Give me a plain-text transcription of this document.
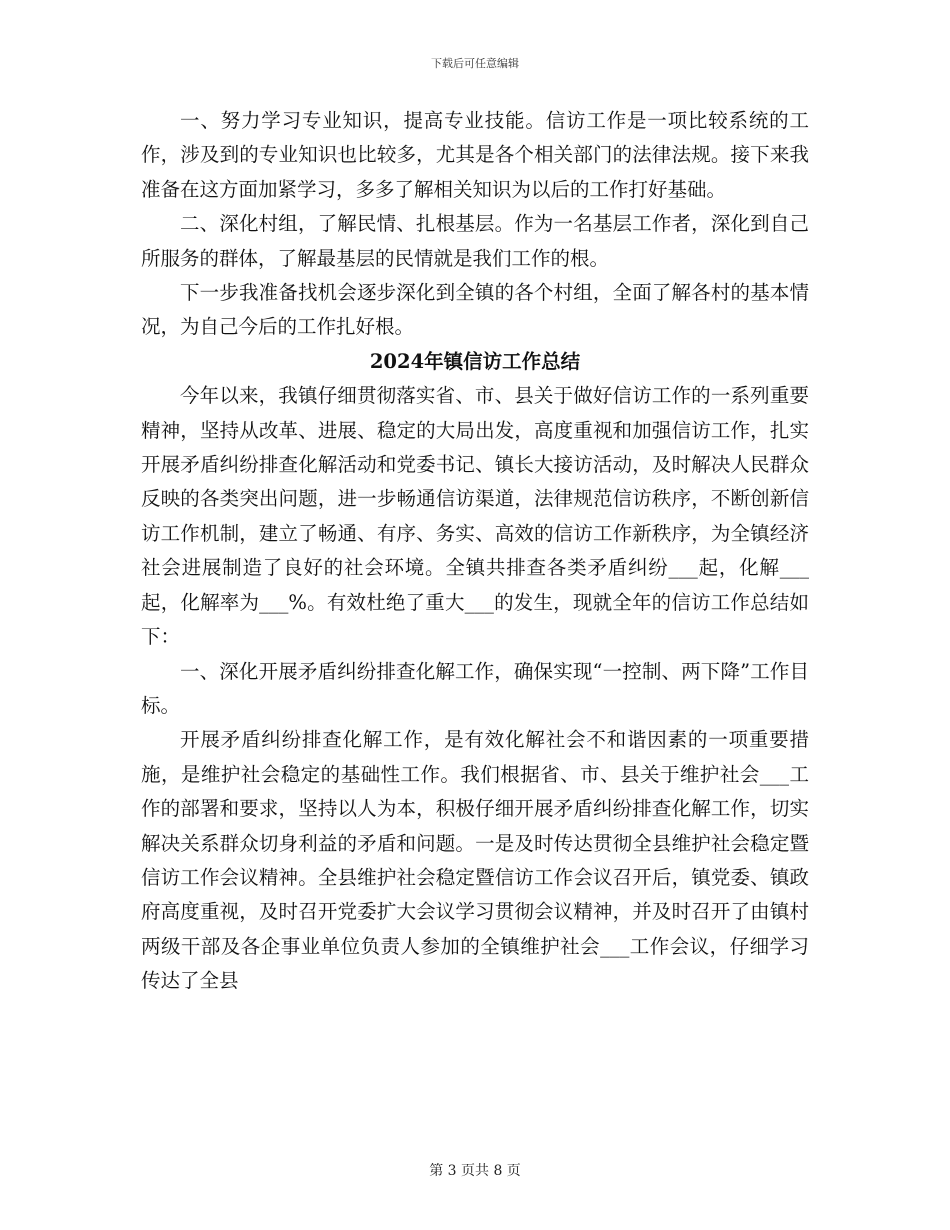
下载后可任意编辑

一、努力学习专业知识，提高专业技能。信访工作是一项比较系统的工作，涉及到的专业知识也比较多，尤其是各个相关部门的法律法规。接下来我准备在这方面加紧学习，多多了解相关知识为以后的工作打好基础。

二、深化村组，了解民情、扎根基层。作为一名基层工作者，深化到自己所服务的群体，了解最基层的民情就是我们工作的根。

下一步我准备找机会逐步深化到全镇的各个村组，全面了解各村的基本情况，为自己今后的工作扎好根。

2024年镇信访工作总结

今年以来，我镇仔细贯彻落实省、市、县关于做好信访工作的一系列重要精神，坚持从改革、进展、稳定的大局出发，高度重视和加强信访工作，扎实开展矛盾纠纷排查化解活动和党委书记、镇长大接访活动，及时解决人民群众反映的各类突出问题，进一步畅通信访渠道，法律规范信访秩序，不断创新信访工作机制，建立了畅通、有序、务实、高效的信访工作新秩序，为全镇经济社会进展制造了良好的社会环境。全镇共排查各类矛盾纠纷___起，化解___起，化解率为___%。有效杜绝了重大___的发生，现就全年的信访工作总结如下：

一、深化开展矛盾纠纷排查化解工作，确保实现“一控制、两下降”工作目标。

开展矛盾纠纷排查化解工作，是有效化解社会不和谐因素的一项重要措施，是维护社会稳定的基础性工作。我们根据省、市、县关于维护社会___工作的部署和要求，坚持以人为本，积极仔细开展矛盾纠纷排查化解工作，切实解决关系群众切身利益的矛盾和问题。一是及时传达贯彻全县维护社会稳定暨信访工作会议精神。全县维护社会稳定暨信访工作会议召开后，镇党委、镇政府高度重视，及时召开党委扩大会议学习贯彻会议精神，并及时召开了由镇村两级干部及各企事业单位负责人参加的全镇维护社会___工作会议，仔细学习传达了全县

第 3 页共 8 页
